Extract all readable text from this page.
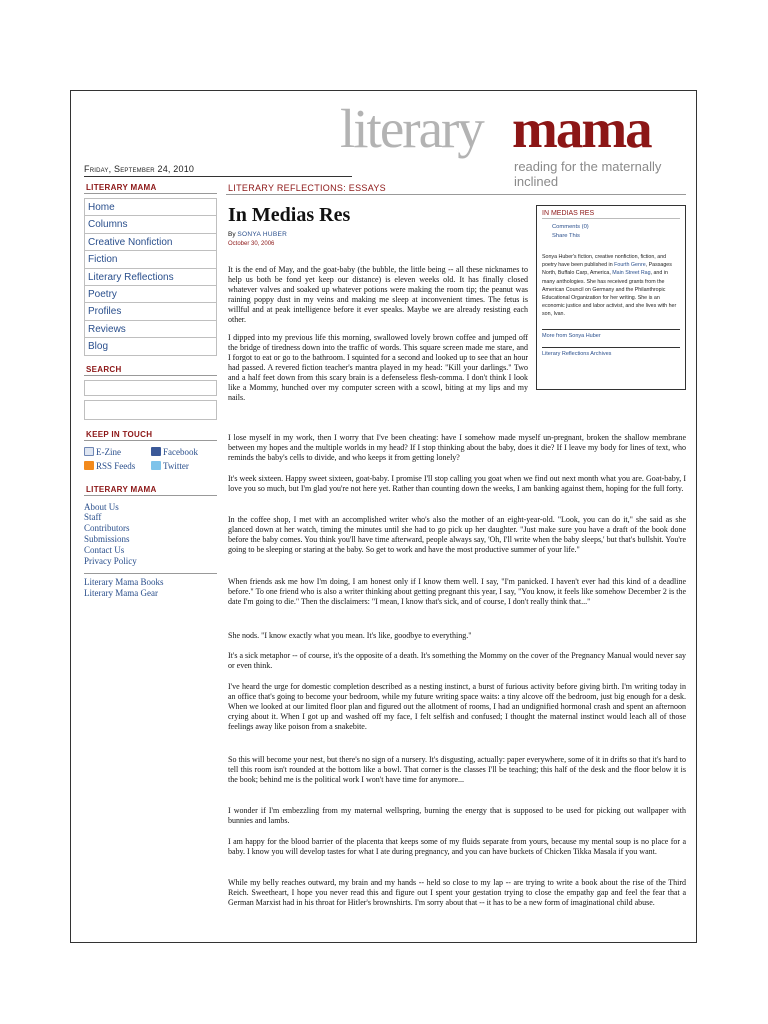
literary mama
reading for the maternally inclined
Friday, September 24, 2010
LITERARY MAMA
Home
Columns
Creative Nonfiction
Fiction
Literary Reflections
Poetry
Profiles
Reviews
Blog
SEARCH
KEEP IN TOUCH
E-Zine	Facebook
RSS Feeds	Twitter
LITERARY MAMA
About Us
Staff
Contributors
Submissions
Contact Us
Privacy Policy
Literary Mama Books
Literary Mama Gear
LITERARY REFLECTIONS: ESSAYS
In Medias Res
By SONYA HUBER
October 30, 2006
IN MEDIAS RES
Comments (0)
Share This
Sonya Huber's fiction, creative nonfiction, fiction, and poetry have been published in Fourth Genre, Passages North, Buffalo Carp, America, Main Street Rag, and in many anthologies. She has received grants from the American Council on Germany and the Philanthropic Educational Organization for her writing. She is an economic justice and labor activist, and she lives with her son, Ivan.
More from Sonya Huber
Literary Reflections Archives

It is the end of May, and the goat-baby (the bubble, the little being -- all these nicknames to help us both be fond yet keep our distance) is eleven weeks old. It has finally closed whatever valves and soaked up whatever potions were making the room tip; the peanut was raining poppy dust in my veins and making me sleep at inconvenient times. The fetus is willful and at peak intelligence before it ever speaks. Maybe we are already resisting each other.

I dipped into my previous life this morning, swallowed lovely brown coffee and jumped off the bridge of tiredness down into the traffic of words. This square screen made me stare, and I forgot to eat or go to the bathroom. I squinted for a second and looked up to see that an hour had passed. A revered fiction teacher's mantra played in my head: "Kill your darlings." Two and a half feet down from this scary brain is a defenseless flesh-comma. I don't think I look like a Mommy, hunched over my computer screen with a scowl, biting at my lips and my nails.

I lose myself in my work, then I worry that I've been cheating: have I somehow made myself un-pregnant, broken the shallow membrane between my hopes and the multiple worlds in my head? If I stop thinking about the baby, does it die? If I leave my body for lines of text, who reminds the baby's cells to divide, and who keeps it from getting lonely?

It's week sixteen. Happy sweet sixteen, goat-baby. I promise I'll stop calling you goat when we find out next month what you are. Goat-baby, I love you so much, but I'm glad you're not here yet. Rather than counting down the weeks, I am banking against them, hoping for the full forty.

In the coffee shop, I met with an accomplished writer who's also the mother of an eight-year-old. "Look, you can do it," she said as she glanced down at her watch, timing the minutes until she had to go pick up her daughter. "Just make sure you have a draft of the book done before the baby comes. You think you'll have time afterward, people always say, 'Oh, I'll write when the baby sleeps,' but that's bullshit. You're going to be sleeping or staring at the baby. So get to work and have the most productive summer of your life."

When friends ask me how I'm doing, I am honest only if I know them well. I say, "I'm panicked. I haven't ever had this kind of a deadline before." To one friend who is also a writer thinking about getting pregnant this year, I say, "You know, it feels like somehow December 2 is the date I'm going to die." Then the disclaimers: "I mean, I know that's sick, and of course, I don't really think that..."

She nods. "I know exactly what you mean. It's like, goodbye to everything."

It's a sick metaphor -- of course, it's the opposite of a death. It's something the Mommy on the cover of the Pregnancy Manual would never say or even think.

I've heard the urge for domestic completion described as a nesting instinct, a burst of furious activity before giving birth. I'm writing today in an office that's going to become your bedroom, while my future writing space waits: a tiny alcove off the bedroom, just big enough for a desk. When we looked at our limited floor plan and figured out the allotment of rooms, I had an undignified hormonal crash and spent an afternoon crying about it. When I got up and washed off my face, I felt selfish and confused; I thought the maternal instinct would leach all of those feelings away like poison from a snakebite.

So this will become your nest, but there's no sign of a nursery. It's disgusting, actually: paper everywhere, some of it in drifts so that it's hard to tell this room isn't rounded at the bottom like a bowl. That corner is the classes I'll be teaching; this half of the desk and the floor below it is the book; behind me is the political work I won't have time for anymore...

I wonder if I'm embezzling from my maternal wellspring, burning the energy that is supposed to be used for picking out wallpaper with bunnies and lambs.

I am happy for the blood barrier of the placenta that keeps some of my fluids separate from yours, because my mental soup is no place for a baby. I know you will develop tastes for what I ate during pregnancy, and you can have buckets of Chicken Tikka Masala if you want.

While my belly reaches outward, my brain and my hands -- held so close to my lap -- are trying to write a book about the rise of the Third Reich. Sweetheart, I hope you never read this and figure out I spent your gestation trying to close the empathy gap and feel the fear that a German Marxist had in his throat for Hitler's brownshirts. I'm sorry about that -- it has to be a new form of imaginational child abuse.
